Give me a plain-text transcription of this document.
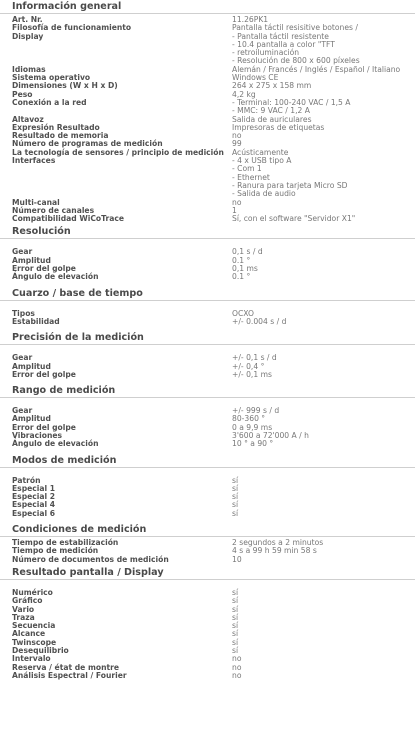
Información general
Art. Nr.	11.26PK1
Filosofía de funcionamiento	Pantalla táctil resisitive botones /
Display	- Pantalla táctil resistente
- 10.4 pantalla a color "TFT
- retroiluminación
- Resolución de 800 x 600 píxeles
Idiomas	Alemán / Francés / Inglés / Español / Italiano
Sistema operativo	Windows CE
Dimensiones (W x H x D)	264 x 275 x 158 mm
Peso	4,2 kg
Conexión a la red	- Terminal: 100-240 VAC / 1,5 A
- MMC: 9 VAC / 1,2 A
Altavoz	Salida de auriculares
Expresión Resultado	Impresoras de etiquetas
Resultado de memoria	no
Número de programas de medición	99
La tecnología de sensores / principio de medición	Acústicamente
Interfaces	- 4 x USB tipo A
- Com 1
- Ethernet
- Ranura para tarjeta Micro SD
- Salida de audio
Multi-canal	no
Número de canales	1
Compatibilidad WiCoTrace	Sí, con el software "Servidor X1"
Resolución
Gear	0,1 s / d
Amplitud	0.1 °
Error del golpe	0,1 ms
Ángulo de elevación	0.1 °
Cuarzo / base de tiempo
Tipos	OCXO
Estabilidad	+/- 0.004 s / d
Precisión de la medición
Gear	+/- 0,1 s / d
Amplitud	+/- 0,4 °
Error del golpe	+/- 0,1 ms
Rango de medición
Gear	+/- 999 s / d
Amplitud	80-360 °
Error del golpe	0 a 9,9 ms
Vibraciones	3'600 a 72'000 A / h
Ángulo de elevación	10 ° a 90 °
Modos de medición
Patrón	sí
Especial 1	sí
Especial 2	sí
Especial 4	sí
Especial 6	sí
Condiciones de medición
Tiempo de estabilización	2 segundos a 2 minutos
Tiempo de medición	4 s a 99 h 59 min 58 s
Número de documentos de medición	10
Resultado pantalla / Display
Numérico	sí
Gráfico	sí
Vario	sí
Traza	sí
Secuencia	sí
Alcance	sí
Twinscope	sí
Desequilibrio	sí
Intervalo	no
Reserva / état de montre	no
Análisis Espectral / Fourier	no
